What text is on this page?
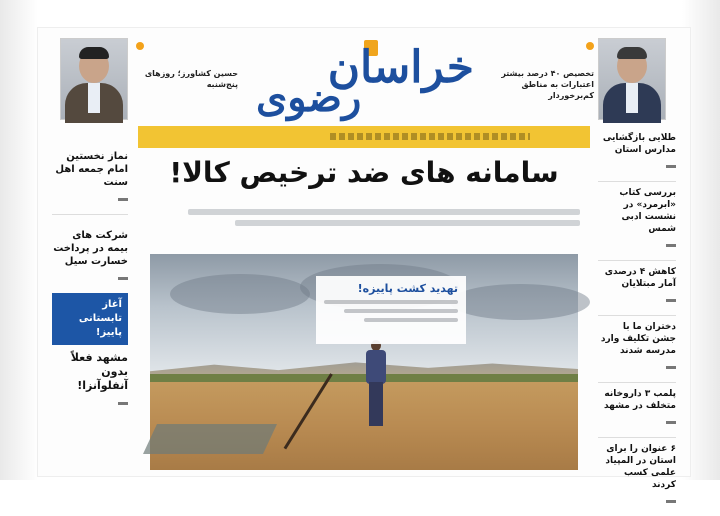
تخصیص ۴۰ درصد بیشتر اعتبارات به مناطق کم‌برخوردار
خراسان
رضوی
حسین کشاورز؛ روز‌های پنج‌شنبه
سامانه های ضد ترخیص کالا!
تهدید کشت پاییزه!
نماز نخستین امام جمعه اهل سنت
شرکت های بیمه در پرداخت خسارت سیل
آغاز تابستانی پاییز!
مشهد فعلاً بدون آنفلوآنزا!
طلایی بازگشایی مدارس استان
بررسی کتاب «ابرمرد» در نشست ادبی شمس
کاهش ۴ درصدی آمار مبتلایان
دختران ما با جشن تکلیف وارد مدرسه شدند
پلمب ۳ داروخانه متخلف در مشهد
۶ عنوان را برای استان در المپیاد علمی کسب کردند
